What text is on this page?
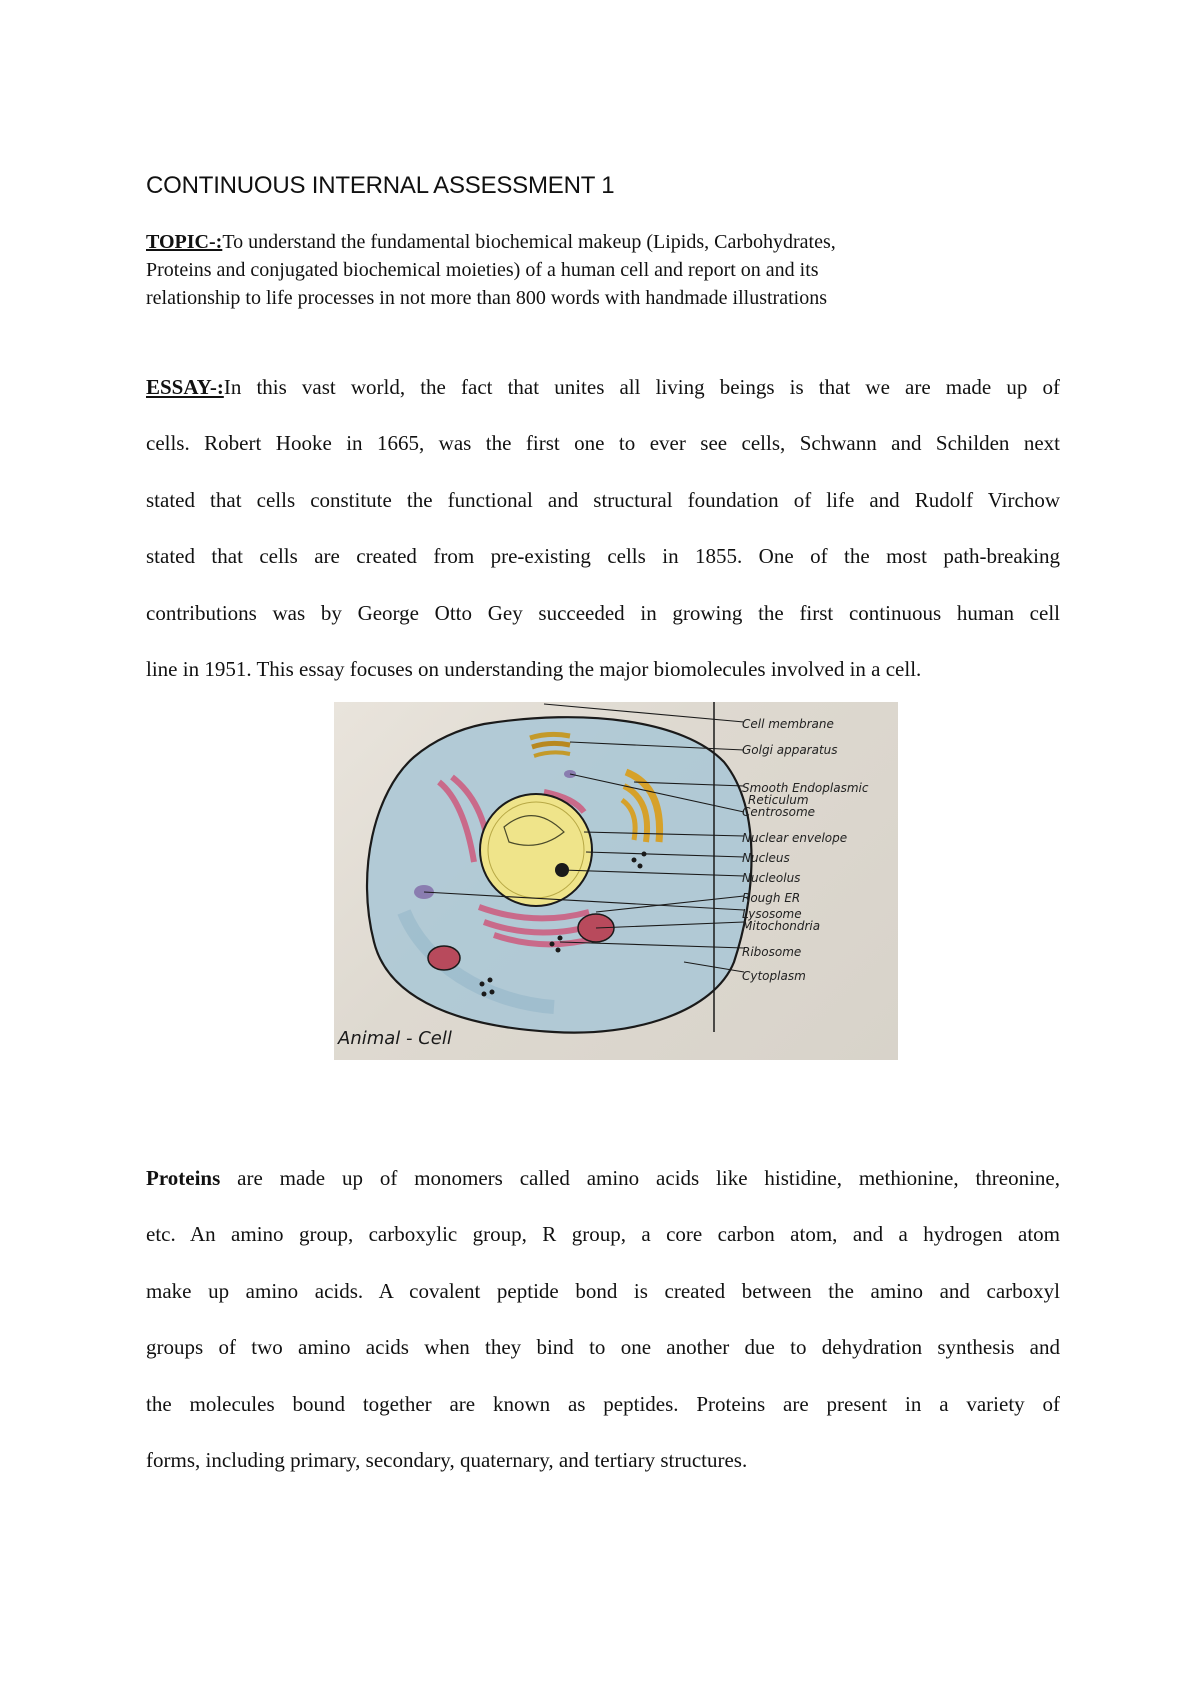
CONTINUOUS INTERNAL ASSESSMENT 1

TOPIC-:To understand the fundamental biochemical makeup (Lipids, Carbohydrates,
Proteins and conjugated biochemical moieties) of a human cell and report on and its
relationship to life processes in not more than 800 words with handmade illustrations

ESSAY-:In this vast world, the fact that unites all living beings is that we are made up of
cells. Robert Hooke in 1665, was the first one to ever see cells, Schwann and Schilden next
stated that cells constitute the functional and structural foundation of life and Rudolf Virchow
stated that cells are created from pre-existing cells in 1855. One of the most path-breaking
contributions was by George Otto Gey succeeded in growing the first continuous human cell
line in 1951. This essay focuses on understanding the major biomolecules involved in a cell.
Cell membrane
Golgi apparatus
Smooth Endoplasmic
Reticulum
Centrosome
Nuclear envelope
Nucleus
Nucleolus
Rough ER
Lysosome
Mitochondria
Ribosome
Cytoplasm
Animal - Cell
Proteins are made up of monomers called amino acids like histidine, methionine, threonine,
etc. An amino group, carboxylic group, R group, a core carbon atom, and a hydrogen atom
make up amino acids. A covalent peptide bond is created between the amino and carboxyl
groups of two amino acids when they bind to one another due to dehydration synthesis and
the molecules bound together are known as peptides. Proteins are present in a variety of
forms, including primary, secondary, quaternary, and tertiary structures.
